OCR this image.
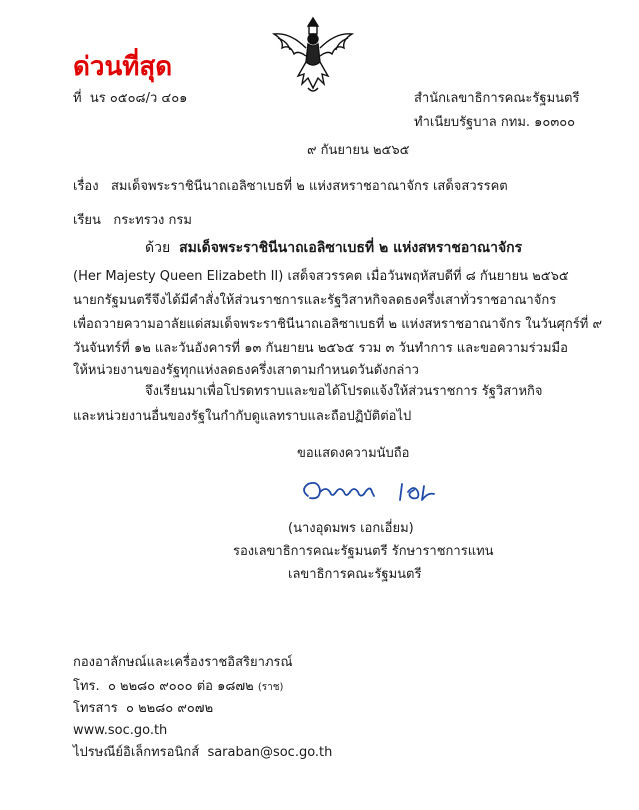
ด่วนที่สุด
ที่ นร ๐๕๐๘/ว ๔๐๑	สำนักเลขาธิการคณะรัฐมนตรี
ทำเนียบรัฐบาล กทม. ๑๐๓๐๐
๙ กันยายน ๒๕๖๕
เรื่อง สมเด็จพระราชินีนาถเอลิซาเบธที่ ๒ แห่งสหราชอาณาจักร เสด็จสวรรคต
เรียน กระทรวง กรม
ด้วย สมเด็จพระราชินีนาถเอลิซาเบธที่ ๒ แห่งสหราชอาณาจักร
(Her Majesty Queen Elizabeth II) เสด็จสวรรคต เมื่อวันพฤหัสบดีที่ ๘ กันยายน ๒๕๖๕
นายกรัฐมนตรีจึงได้มีคำสั่งให้ส่วนราชการและรัฐวิสาหกิจลดธงครึ่งเสาทั่วราชอาณาจักร
เพื่อถวายความอาลัยแด่สมเด็จพระราชินีนาถเอลิซาเบธที่ ๒ แห่งสหราชอาณาจักร ในวันศุกร์ที่ ๙
วันจันทร์ที่ ๑๒ และวันอังคารที่ ๑๓ กันยายน ๒๕๖๕ รวม ๓ วันทำการ และขอความร่วมมือ
ให้หน่วยงานของรัฐทุกแห่งลดธงครึ่งเสาตามกำหนดวันดังกล่าว
จึงเรียนมาเพื่อโปรดทราบและขอได้โปรดแจ้งให้ส่วนราชการ รัฐวิสาหกิจ
และหน่วยงานอื่นของรัฐในกำกับดูแลทราบและถือปฏิบัติต่อไป
ขอแสดงความนับถือ
(นางอุดมพร เอกเอี่ยม)
รองเลขาธิการคณะรัฐมนตรี รักษาราชการแทน
เลขาธิการคณะรัฐมนตรี
กองอาลักษณ์และเครื่องราชอิสริยาภรณ์
โทร. ๐ ๒๒๘๐ ๙๐๐๐ ต่อ ๑๘๗๒ (ราช)
โทรสาร ๐ ๒๒๘๐ ๙๐๗๒
www.soc.go.th
ไปรษณีย์อิเล็กทรอนิกส์ saraban@soc.go.th
